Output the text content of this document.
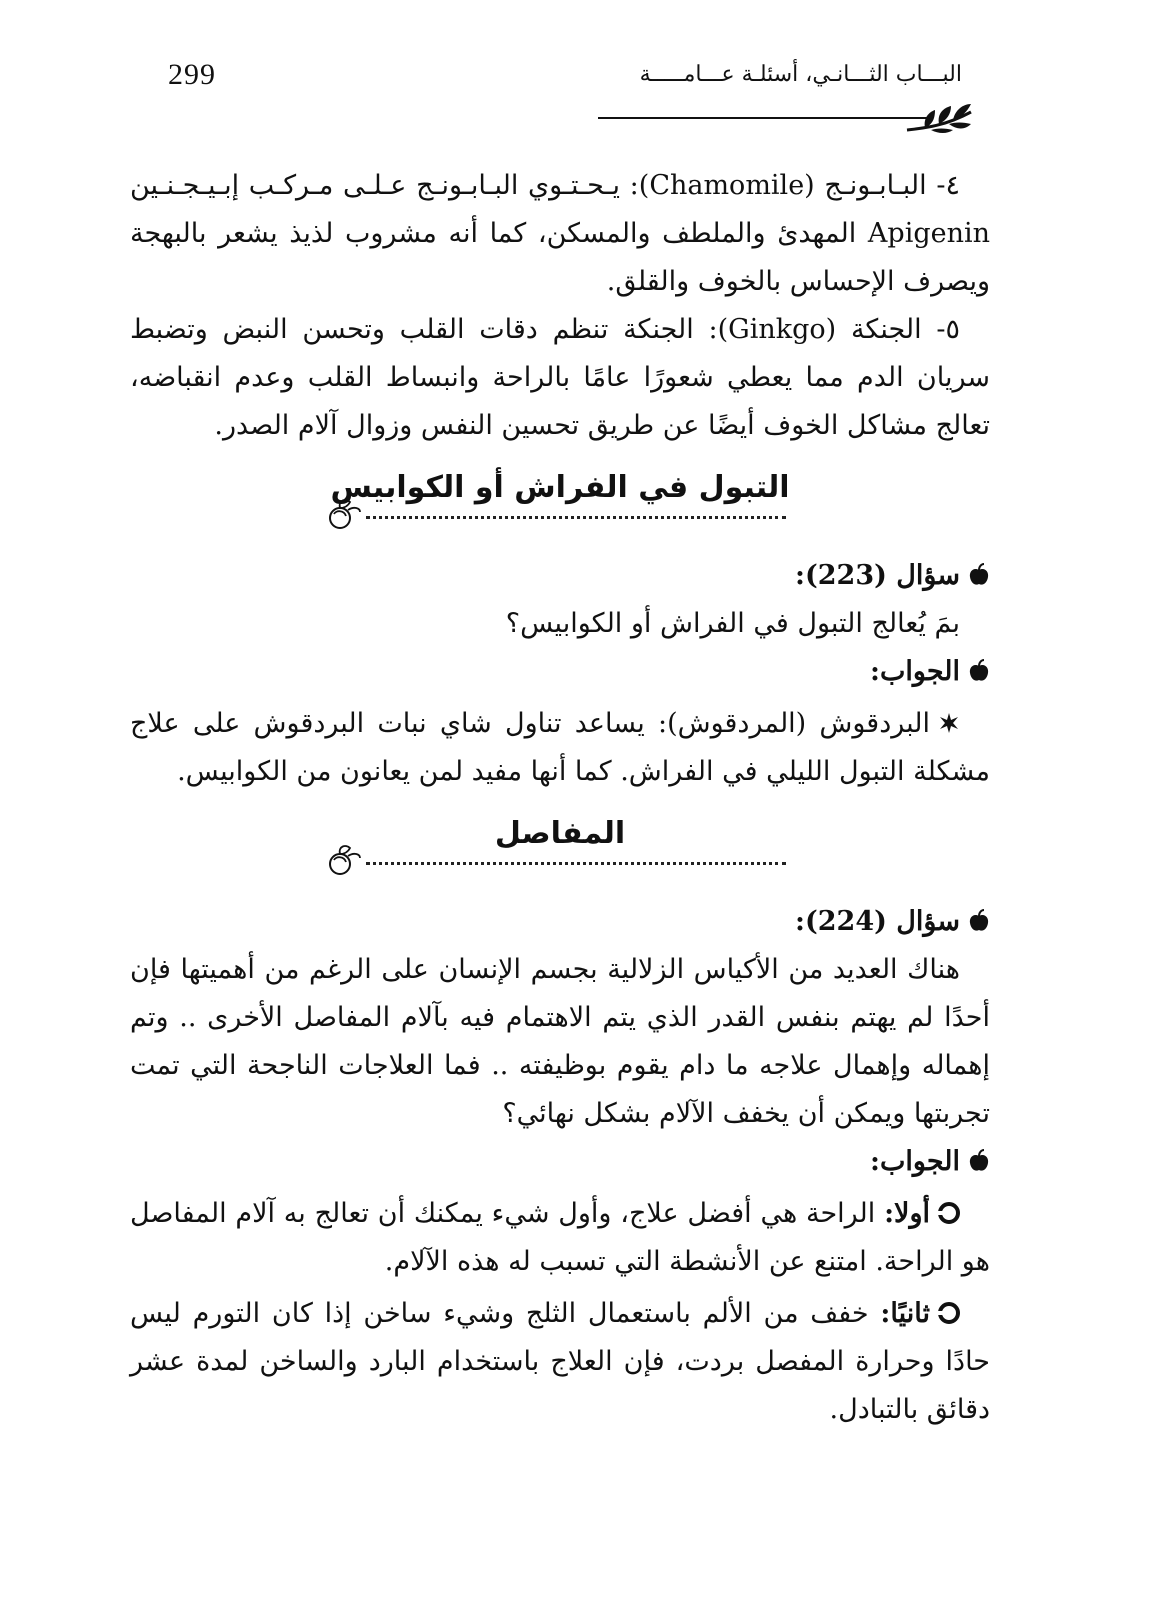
299	البـــاب الثـــانـي، أسئلـة عـــامـــــة

٤- البـابـونـج (Chamomile): يـحـتـوي البـابـونـج عـلـى مـركـب إبـيـجـنـين Apigenin المهدئ والملطف والمسكن، كما أنه مشروب لذيذ يشعر بالبهجة ويصرف الإحساس بالخوف والقلق.

٥- الجنكة (Ginkgo): الجنكة تنظم دقات القلب وتحسن النبض وتضبط سريان الدم مما يعطي شعورًا عامًا بالراحة وانبساط القلب وعدم انقباضه، تعالج مشاكل الخوف أيضًا عن طريق تحسين النفس وزوال آلام الصدر.

التبول في الفراش أو الكوابيس

سؤال (223):

بمَ يُعالج التبول في الفراش أو الكوابيس؟

الجواب:

البردقوش (المردقوش): يساعد تناول شاي نبات البردقوش على علاج مشكلة التبول الليلي في الفراش. كما أنها مفيد لمن يعانون من الكوابيس.

المفاصل

سؤال (224):

هناك العديد من الأكياس الزلالية بجسم الإنسان على الرغم من أهميتها فإن أحدًا لم يهتم بنفس القدر الذي يتم الاهتمام فيه بآلام المفاصل الأخرى .. وتم إهماله وإهمال علاجه ما دام يقوم بوظيفته .. فما العلاجات الناجحة التي تمت تجربتها ويمكن أن يخفف الآلام بشكل نهائي؟

الجواب:

أولا: الراحة هي أفضل علاج، وأول شيء يمكنك أن تعالج به آلام المفاصل هو الراحة. امتنع عن الأنشطة التي تسبب له هذه الآلام.

ثانيًا: خفف من الألم باستعمال الثلج وشيء ساخن إذا كان التورم ليس حادًا وحرارة المفصل بردت، فإن العلاج باستخدام البارد والساخن لمدة عشر دقائق بالتبادل.
